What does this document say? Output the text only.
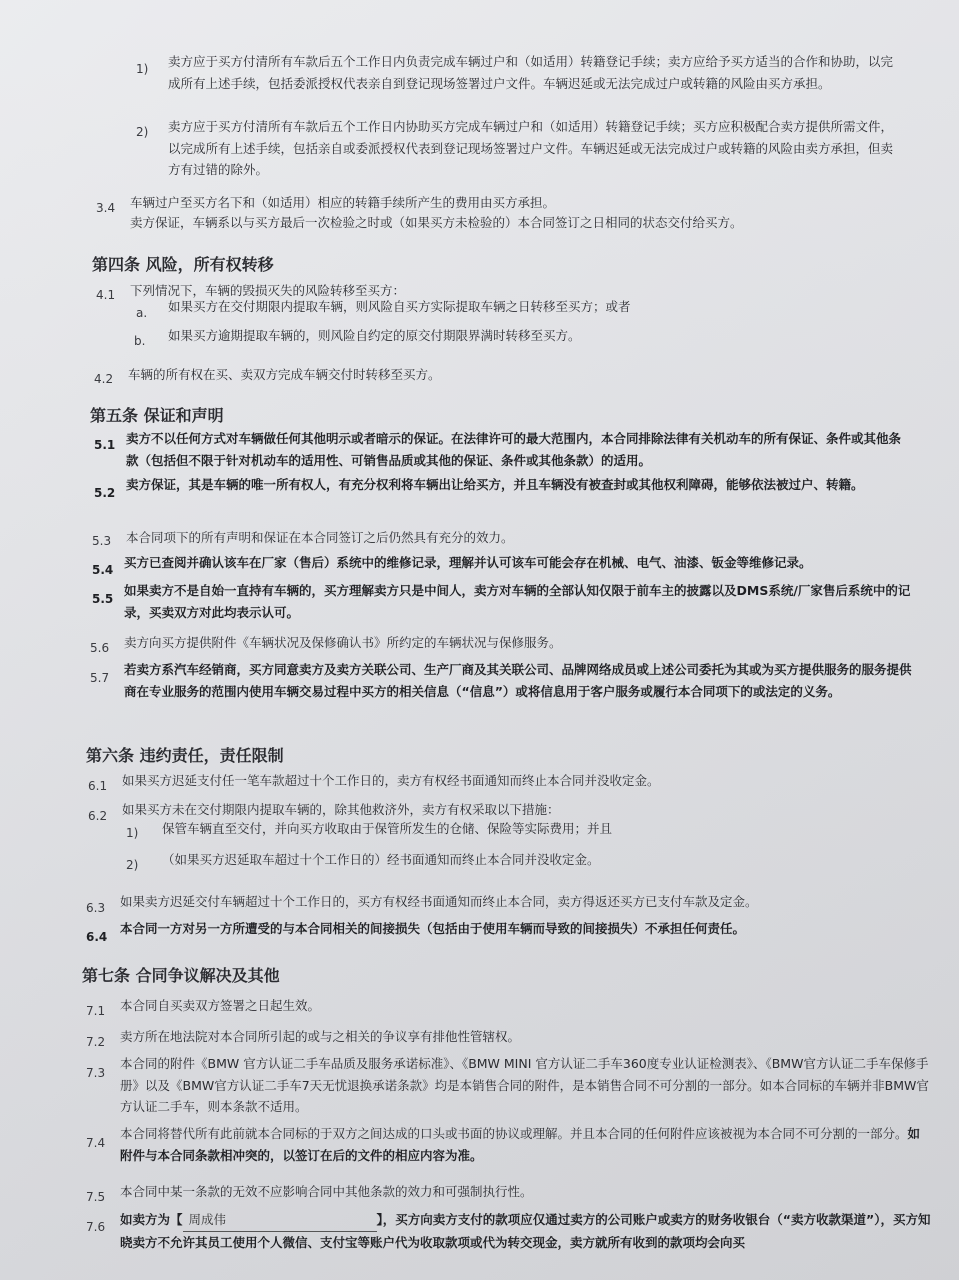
1) 卖方应于买方付清所有车款后五个工作日内负责完成车辆过户和（如适用）转籍登记手续；卖方应给予买方适当的合作和协助，以完成所有上述手续，包括委派授权代表亲自到登记现场签署过户文件。车辆迟延或无法完成过户或转籍的风险由买方承担。
2) 卖方应于买方付清所有车款后五个工作日内协助买方完成车辆过户和（如适用）转籍登记手续；买方应积极配合卖方提供所需文件，以完成所有上述手续，包括亲自或委派授权代表到登记现场签署过户文件。车辆迟延或无法完成过户或转籍的风险由卖方承担，但卖方有过错的除外。
3.4 车辆过户至买方名下和（如适用）相应的转籍手续所产生的费用由买方承担。
卖方保证，车辆系以与买方最后一次检验之时或（如果买方未检验的）本合同签订之日相同的状态交付给买方。
第四条 风险，所有权转移
4.1 下列情况下，车辆的毁损灭失的风险转移至买方：
a. 如果买方在交付期限内提取车辆，则风险自买方实际提取车辆之日转移至买方；或者
b. 如果买方逾期提取车辆的，则风险自约定的原交付期限界满时转移至买方。
4.2 车辆的所有权在买、卖双方完成车辆交付时转移至买方。
第五条 保证和声明
5.1 卖方不以任何方式对车辆做任何其他明示或者暗示的保证。在法律许可的最大范围内，本合同排除法律有关机动车的所有保证、条件或其他条款（包括但不限于针对机动车的适用性、可销售品质或其他的保证、条件或其他条款）的适用。
5.2
卖方保证，其是车辆的唯一所有权人，有充分权利将车辆出让给买方，并且车辆没有被查封或其他权利障碍，能够依法被过户、转籍。
5.3 本合同项下的所有声明和保证在本合同签订之后仍然具有充分的效力。
5.4 买方已查阅并确认该车在厂家（售后）系统中的维修记录，理解并认可该车可能会存在机械、电气、油漆、钣金等维修记录。
5.5
如果卖方不是自始一直持有车辆的，买方理解卖方只是中间人，卖方对车辆的全部认知仅限于前车主的披露以及DMS系统/厂家售后系统中的记录，买卖双方对此均表示认可。
5.6 卖方向买方提供附件《车辆状况及保修确认书》所约定的车辆状况与保修服务。
5.7
若卖方系汽车经销商，买方同意卖方及卖方关联公司、生产厂商及其关联公司、品牌网络成员或上述公司委托为其或为买方提供服务的服务提供商在专业服务的范围内使用车辆交易过程中买方的相关信息（“信息”）或将信息用于客户服务或履行本合同项下的或法定的义务。
第六条 违约责任，责任限制
6.1 如果买方迟延支付任一笔车款超过十个工作日的，卖方有权经书面通知而终止本合同并没收定金。
6.2 如果买方未在交付期限内提取车辆的，除其他救济外，卖方有权采取以下措施：
1) 保管车辆直至交付，并向买方收取由于保管所发生的仓储、保险等实际费用；并且
2) （如果买方迟延取车超过十个工作日的）经书面通知而终止本合同并没收定金。
6.3 如果卖方迟延交付车辆超过十个工作日的，买方有权经书面通知而终止本合同，卖方得返还买方已支付车款及定金。
6.4
本合同一方对另一方所遭受的与本合同相关的间接损失（包括由于使用车辆而导致的间接损失）不承担任何责任。
第七条 合同争议解决及其他
7.1 本合同自买卖双方签署之日起生效。
7.2 卖方所在地法院对本合同所引起的或与之相关的争议享有排他性管辖权。
7.3
本合同的附件《BMW 官方认证二手车品质及服务承诺标准》、《BMW MINI 官方认证二手车360度专业认证检测表》、《BMW官方认证二手车保修手册》以及《BMW官方认证二手车7天无忧退换承诺条款》均是本销售合同的附件，是本销售合同不可分割的一部分。如本合同标的车辆并非BMW官方认证二手车，则本条款不适用。
7.4
本合同将替代所有此前就本合同标的于双方之间达成的口头或书面的协议或理解。并且本合同的任何附件应该被视为本合同不可分割的一部分。如附件与本合同条款相冲突的，以签订在后的文件的相应内容为准。
7.5 本合同中某一条款的无效不应影响合同中其他条款的效力和可强制执行性。
7.6 如卖方为【 周成伟	】，买方向卖方支付的款项应仅通过卖方的公司账户或卖方的财务收银台（“卖方收款渠道”），买方知晓卖方不允许其员工使用个人微信、支付宝等账户代为收取款项或代为转交现金，卖方就所有收到的款项均会向买
